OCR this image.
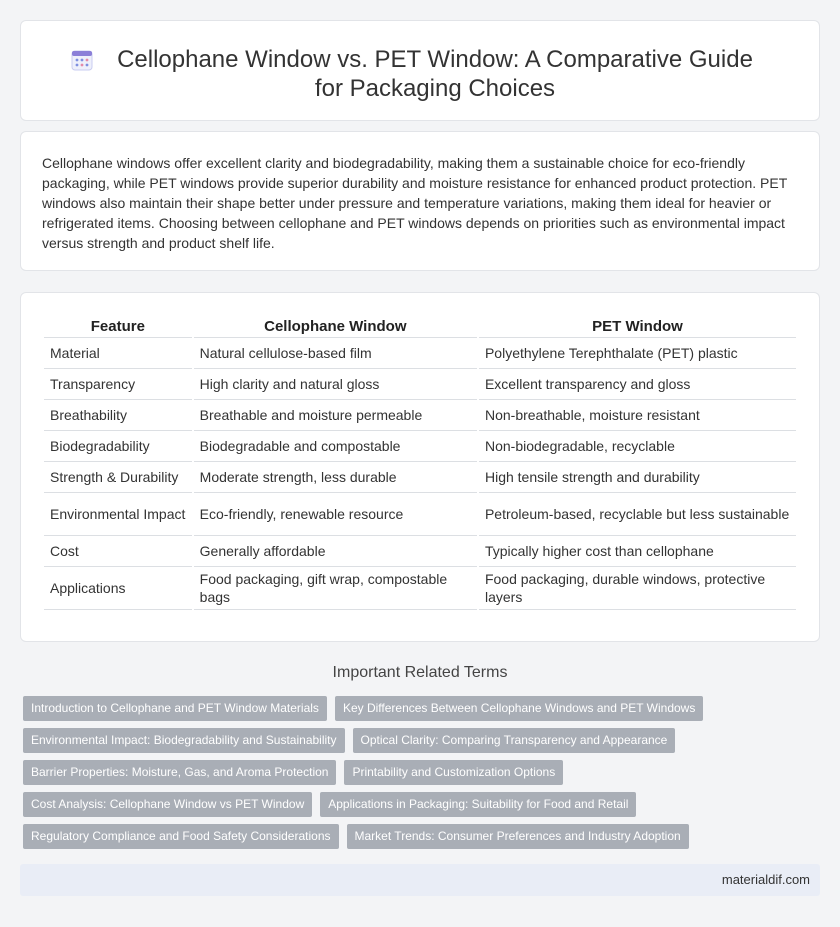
Cellophane Window vs. PET Window: A Comparative Guide for Packaging Choices

Cellophane windows offer excellent clarity and biodegradability, making them a sustainable choice for eco-friendly packaging, while PET windows provide superior durability and moisture resistance for enhanced product protection. PET windows also maintain their shape better under pressure and temperature variations, making them ideal for heavier or refrigerated items. Choosing between cellophane and PET windows depends on priorities such as environmental impact versus strength and product shelf life.

Feature	Cellophane Window	PET Window
Material	Natural cellulose-based film	Polyethylene Terephthalate (PET) plastic
Transparency	High clarity and natural gloss	Excellent transparency and gloss
Breathability	Breathable and moisture permeable	Non-breathable, moisture resistant
Biodegradability	Biodegradable and compostable	Non-biodegradable, recyclable
Strength & Durability	Moderate strength, less durable	High tensile strength and durability
Environmental Impact	Eco-friendly, renewable resource	Petroleum-based, recyclable but less sustainable
Cost	Generally affordable	Typically higher cost than cellophane
Applications	Food packaging, gift wrap, compostable bags	Food packaging, durable windows, protective layers
Important Related Terms
Introduction to Cellophane and PET Window Materials Key Differences Between Cellophane Windows and PET Windows
Environmental Impact: Biodegradability and Sustainability Optical Clarity: Comparing Transparency and Appearance
Barrier Properties: Moisture, Gas, and Aroma Protection Printability and Customization Options
Cost Analysis: Cellophane Window vs PET Window Applications in Packaging: Suitability for Food and Retail
Regulatory Compliance and Food Safety Considerations Market Trends: Consumer Preferences and Industry Adoption
materialdif.com
